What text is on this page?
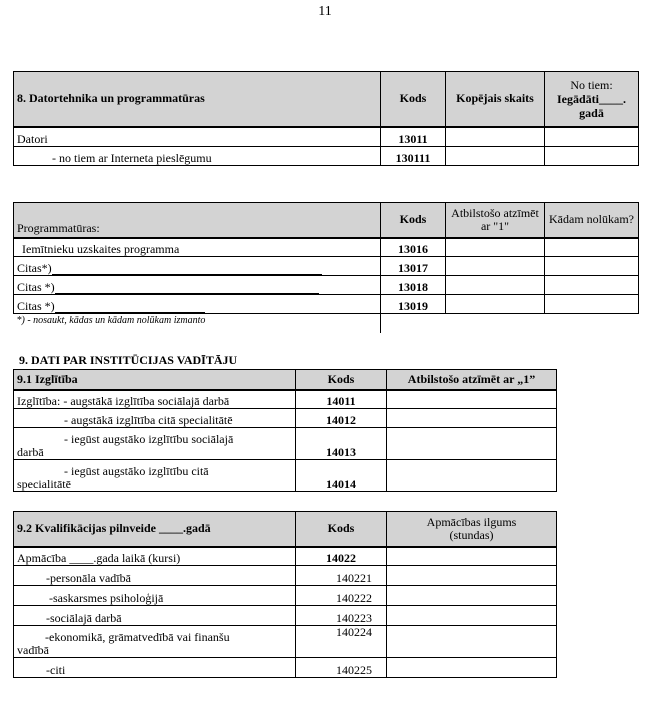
11
8. Datortehnika un programmatūras	Kods	Kopējais skaits	No tiem:
Iegādāti____.
gadā

Datori	13011		
- no tiem ar Interneta pieslēgumu	130111		
Programmatūras:	Kods	Atbilstošo atzīmēt ar "1"	Kādam nolūkam?
Iemītnieku uzskaites programma	13016		
Citas*)	13017		
Citas *)	13018		
Citas *)	13019		
*) - nosaukt, kādas un kādam nolūkam izmanto			
9. DATI PAR INSTITŪCIJAS VADĪTĀJU
9.1 Izglītība	Kods	Atbilstošo atzīmēt ar „1”
Izglītība: - augstākā izglītība sociālajā darbā	14011	
- augstākā izglītība citā specialitātē	14012	

- iegūst augstāko izglītību sociālajā
darbā	14013	

- iegūst augstāko izglītību citā
specialitātē	14014	
9.2 Kvalifikācijas pilnveide ____.gadā	Kods	Apmācības ilgums
(stundas)

Apmācība ____.gada laikā (kursi)	14022	
-personāla vadībā	140221	
-saskarsmes psiholoģijā	140222	
-sociālajā darbā	140223	

-ekonomikā, grāmatvedībā vai finanšu
vadībā	140224	
-citi	140225	
